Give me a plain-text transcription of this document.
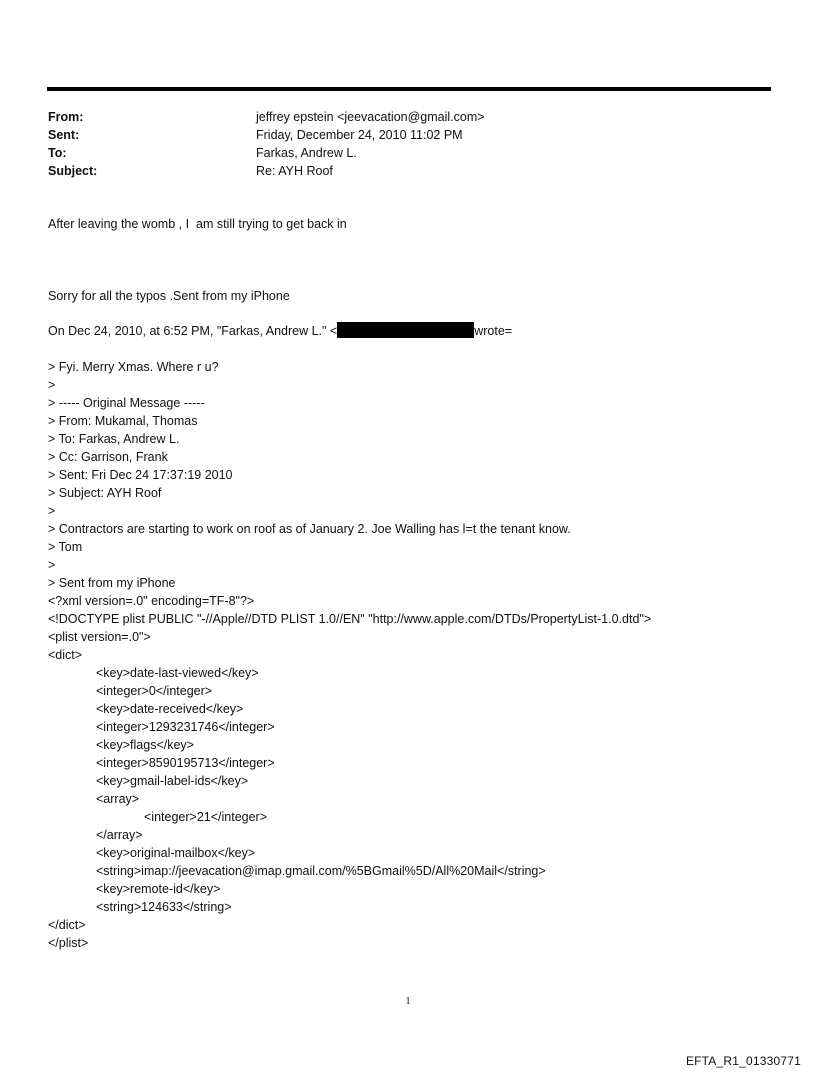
From:	jeffrey epstein <jeevacation@gmail.com>
Sent:	Friday, December 24, 2010 11:02 PM
To:	Farkas, Andrew L.
Subject:	Re: AYH Roof
After leaving the womb , I  am still trying to get back in
Sorry for all the typos .Sent from my iPhone
On Dec 24, 2010, at 6:52 PM, "Farkas, Andrew L." <	wrote=
> Fyi. Merry Xmas. Where r u?
>
> ----- Original Message -----
> From: Mukamal, Thomas
> To: Farkas, Andrew L.
> Cc: Garrison, Frank
> Sent: Fri Dec 24 17:37:19 2010
> Subject: AYH Roof
>
> Contractors are starting to work on roof as of January 2. Joe Walling has l=t the tenant know.
> Tom
>
> Sent from my iPhone
<?xml version=.0" encoding=TF-8"?>
<!DOCTYPE plist PUBLIC "-//Apple//DTD PLIST 1.0//EN" "http://www.apple.com/DTDs/PropertyList-1.0.dtd">
<plist version=.0">
<dict>
<key>date-last-viewed</key>
<integer>0</integer>
<key>date-received</key>
<integer>1293231746</integer>
<key>flags</key>
<integer>8590195713</integer>
<key>gmail-label-ids</key>
<array>
<integer>21</integer>
</array>
<key>original-mailbox</key>
<string>imap://jeevacation@imap.gmail.com/%5BGmail%5D/All%20Mail</string>
<key>remote-id</key>
<string>124633</string>
</dict>
</plist>
1
EFTA_R1_01330771
